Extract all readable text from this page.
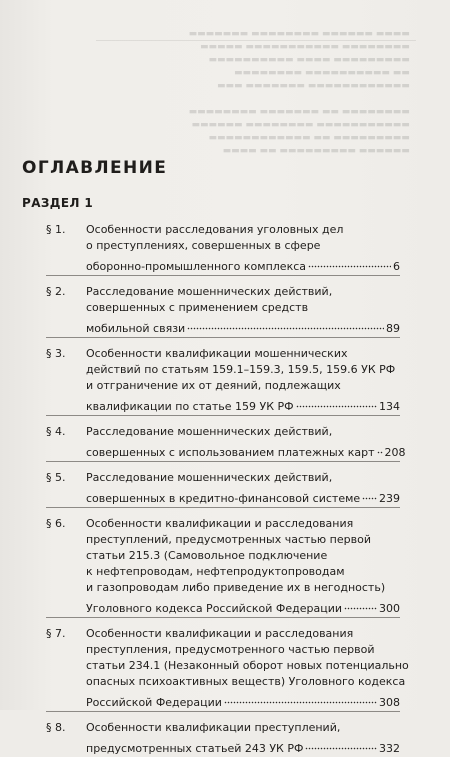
▬▬▬▬ ▬▬▬▬▬▬ ▬▬▬▬▬▬▬▬ ▬▬▬▬▬▬▬
▬▬▬▬▬▬▬▬ ▬▬▬▬▬▬▬▬▬▬▬ ▬▬▬▬▬
▬▬▬▬▬▬▬▬▬ ▬▬▬▬ ▬▬▬▬▬▬▬▬▬▬
▬▬ ▬▬▬▬▬▬▬▬▬▬ ▬▬▬▬▬▬▬▬
▬▬▬▬▬▬▬▬▬▬▬▬ ▬▬▬▬▬▬▬ ▬▬▬
▬▬▬▬▬▬▬▬ ▬▬ ▬▬▬▬▬▬▬ ▬▬▬▬▬▬▬▬
▬▬▬▬▬▬▬▬▬▬▬ ▬▬▬▬▬▬▬▬ ▬▬▬▬▬▬
▬▬▬▬▬▬▬▬▬ ▬▬ ▬▬▬▬▬▬▬▬▬▬▬▬
▬▬▬▬▬▬ ▬▬▬▬▬▬▬▬▬ ▬▬ ▬▬▬▬
ОГЛАВЛЕНИЕ
РАЗДЕЛ 1
§ 1.	Особенности расследования уголовных дел
о преступлениях, совершенных в сфере
оборонно-промышленного комплекса	6
§ 2.	Расследование мошеннических действий,
совершенных с применением средств
мобильной связи	89
§ 3.	Особенности квалификации мошеннических
действий по статьям 159.1–159.3, 159.5, 159.6 УК РФ
и отграничение их от деяний, подлежащих
квалификации по статье 159 УК РФ	134
§ 4.	Расследование мошеннических действий,
совершенных с использованием платежных карт 208
§ 5.	Расследование мошеннических действий,
совершенных в кредитно-финансовой системе 239
§ 6.	Особенности квалификации и расследования
преступлений, предусмотренных частью первой
статьи 215.3 (Самовольное подключение
к нефтепроводам, нефтепродуктопроводам
и газопроводам либо приведение их в негодность)
Уголовного кодекса Российской Федерации	300
§ 7.	Особенности квалификации и расследования
преступления, предусмотренного частью первой
статьи 234.1 (Незаконный оборот новых потенциально
опасных психоактивных веществ) Уголовного кодекса
Российской Федерации	308
§ 8.	Особенности квалификации преступлений,
предусмотренных статьей 243 УК РФ	332
